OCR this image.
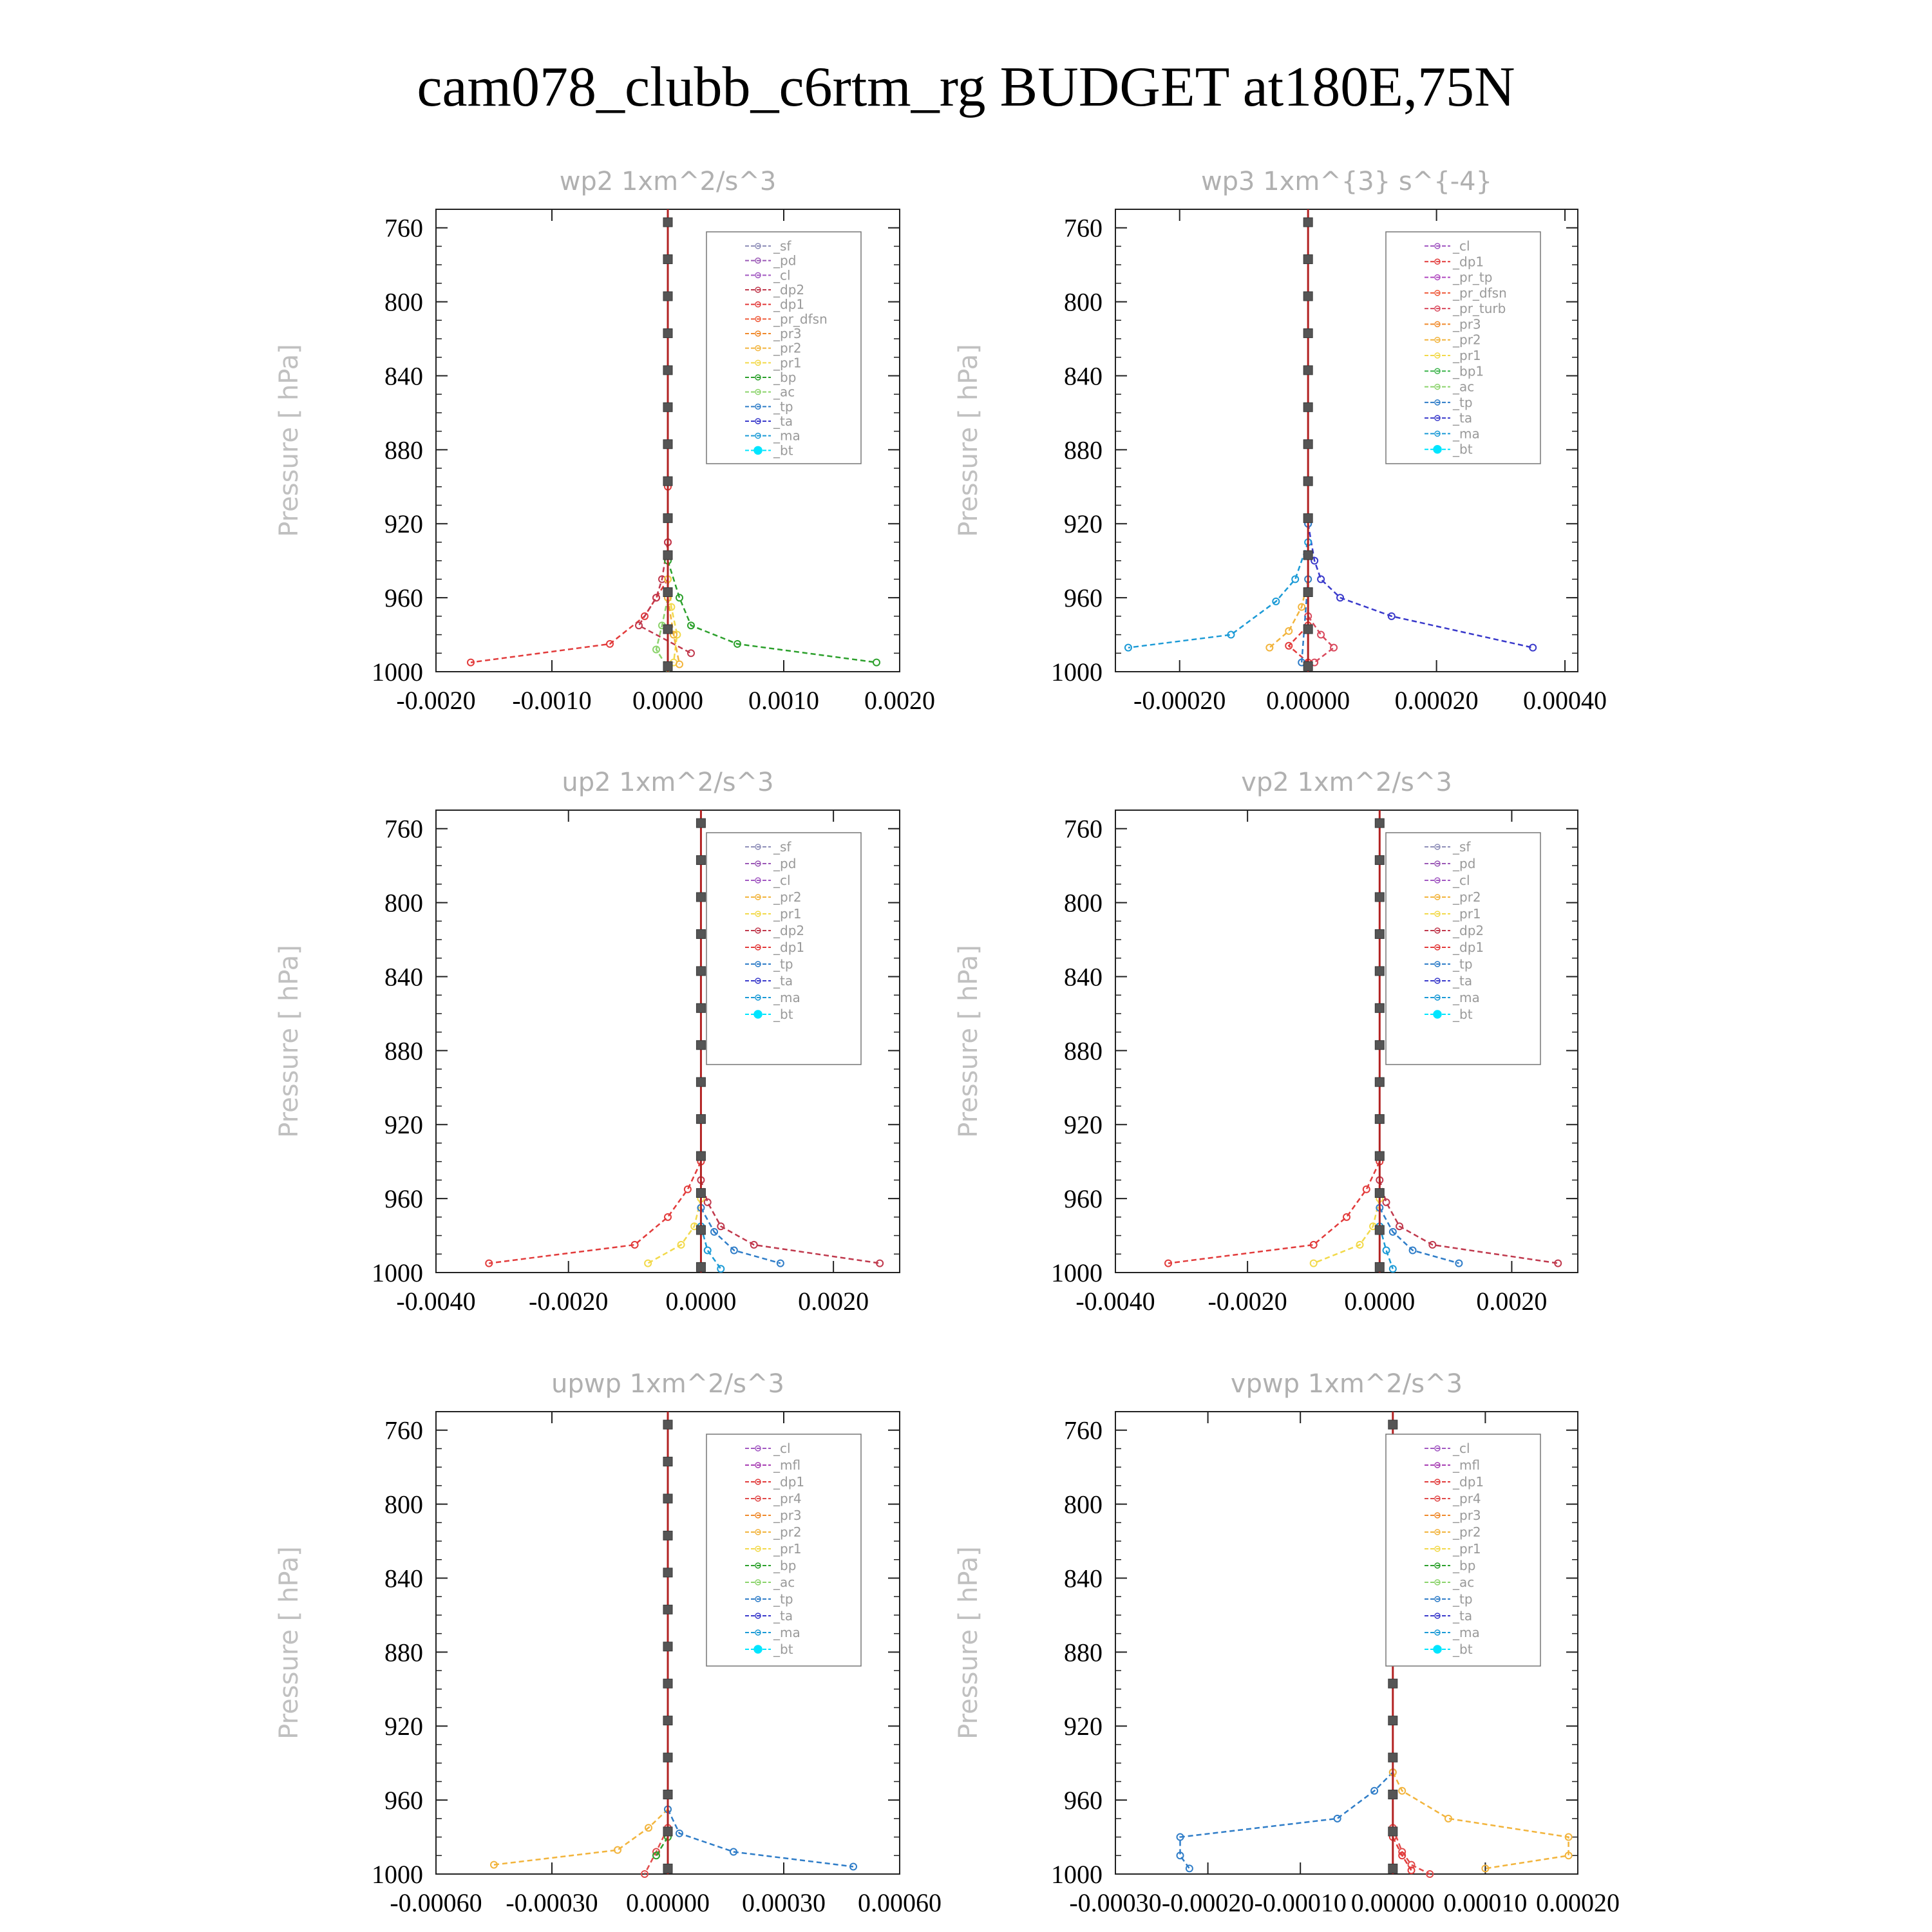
cam078_clubb_c6rtm_rg BUDGET at180E,75N
wp2 1xm^2/s^3
Pressure [ hPa]
760
800
840
880
920
960
1000
-0.0020 -0.0010 0.0000 0.0010 0.0020
_sf
_pd
_cl
_dp2
_dp1
_pr_dfsn
_pr3
_pr2
_pr1
_bp
_ac
_tp
_ta
_ma
_bt
wp3 1xm^{3} s^{-4}
Pressure [ hPa]
760
800
840
880
920
960
1000
-0.00020 0.00000 0.00020 0.00040
_cl
_dp1
_pr_tp
_pr_dfsn
_pr_turb
_pr3
_pr2
_pr1
_bp1
_ac
_tp
_ta
_ma
_bt
up2 1xm^2/s^3
Pressure [ hPa]
760
800
840
880
920
960
1000
-0.0040 -0.0020 0.0000 0.0020
_sf
_pd
_cl
_pr2
_pr1
_dp2
_dp1
_tp
_ta
_ma
_bt
vp2 1xm^2/s^3
Pressure [ hPa]
760
800
840
880
920
960
1000
-0.0040 -0.0020 0.0000 0.0020
_sf
_pd
_cl
_pr2
_pr1
_dp2
_dp1
_tp
_ta
_ma
_bt
upwp 1xm^2/s^3
Pressure [ hPa]
760
800
840
880
920
960
1000
-0.00060 -0.00030 0.00000 0.00030 0.00060
_cl
_mfl
_dp1
_pr4
_pr3
_pr2
_pr1
_bp
_ac
_tp
_ta
_ma
_bt
vpwp 1xm^2/s^3
Pressure [ hPa]
760
800
840
880
920
960
1000
-0.00030 -0.00020 -0.00010 0.00000 0.00010 0.00020
_cl
_mfl
_dp1
_pr4
_pr3
_pr2
_pr1
_bp
_ac
_tp
_ta
_ma
_bt
